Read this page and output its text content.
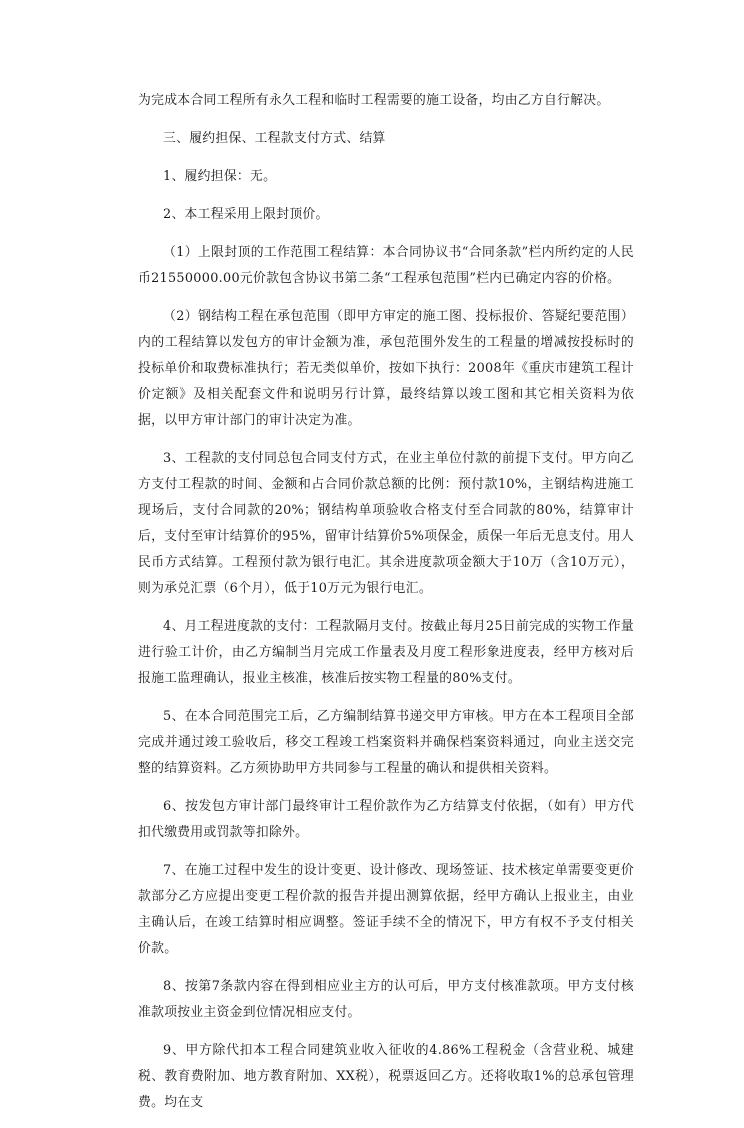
为完成本合同工程所有永久工程和临时工程需要的施工设备，均由乙方自行解决。

三、履约担保、工程款支付方式、结算

1、履约担保：无。

2、本工程采用上限封顶价。

（1）上限封顶的工作范围工程结算：本合同协议书“合同条款”栏内所约定的人民币21550000.00元价款包含协议书第二条“工程承包范围”栏内已确定内容的价格。

（2）钢结构工程在承包范围（即甲方审定的施工图、投标报价、答疑纪要范围）内的工程结算以发包方的审计金额为准，承包范围外发生的工程量的增减按投标时的投标单价和取费标准执行；若无类似单价，按如下执行：2008年《重庆市建筑工程计价定额》及相关配套文件和说明另行计算，最终结算以竣工图和其它相关资料为依据，以甲方审计部门的审计决定为准。

3、工程款的支付同总包合同支付方式，在业主单位付款的前提下支付。甲方向乙方支付工程款的时间、金额和占合同价款总额的比例：预付款10%，主钢结构进施工现场后，支付合同款的20%；钢结构单项验收合格支付至合同款的80%，结算审计后，支付至审计结算价的95%，留审计结算价5%项保金，质保一年后无息支付。用人民币方式结算。工程预付款为银行电汇。其余进度款项金额大于10万（含10万元），则为承兑汇票（6个月），低于10万元为银行电汇。

4、月工程进度款的支付：工程款隔月支付。按截止每月25日前完成的实物工作量进行验工计价，由乙方编制当月完成工作量表及月度工程形象进度表，经甲方核对后报施工监理确认，报业主核准，核准后按实物工程量的80%支付。

5、在本合同范围完工后，乙方编制结算书递交甲方审核。甲方在本工程项目全部完成并通过竣工验收后，移交工程竣工档案资料并确保档案资料通过，向业主送交完整的结算资料。乙方须协助甲方共同参与工程量的确认和提供相关资料。

6、按发包方审计部门最终审计工程价款作为乙方结算支付依据，（如有）甲方代扣代缴费用或罚款等扣除外。

7、在施工过程中发生的设计变更、设计修改、现场签证、技术核定单需要变更价款部分乙方应提出变更工程价款的报告并提出测算依据，经甲方确认上报业主，由业主确认后，在竣工结算时相应调整。签证手续不全的情况下，甲方有权不予支付相关价款。

8、按第7条款内容在得到相应业主方的认可后，甲方支付核准款项。甲方支付核准款项按业主资金到位情况相应支付。

9、甲方除代扣本工程合同建筑业收入征收的4.86%工程税金（含营业税、城建税、教育费附加、地方教育附加、XX税），税票返回乙方。还将收取1%的总承包管理费。均在支
